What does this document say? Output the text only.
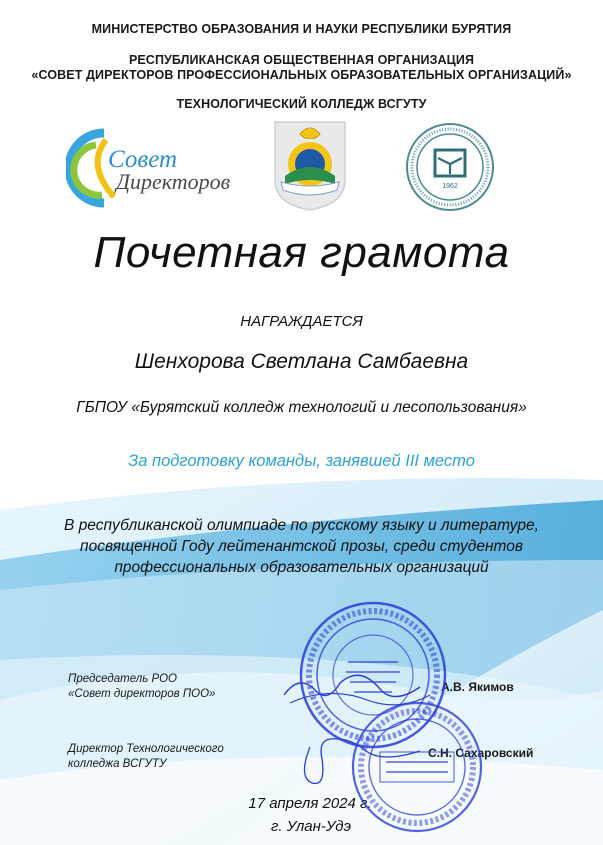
МИНИСТЕРСТВО ОБРАЗОВАНИЯ И НАУКИ РЕСПУБЛИКИ БУРЯТИЯ
РЕСПУБЛИКАНСКАЯ ОБЩЕСТВЕННАЯ ОРГАНИЗАЦИЯ
«СОВЕТ ДИРЕКТОРОВ ПРОФЕССИОНАЛЬНЫХ ОБРАЗОВАТЕЛЬНЫХ ОРГАНИЗАЦИЙ»
ТЕХНОЛОГИЧЕСКИЙ КОЛЛЕДЖ ВСГУТУ
Совет
Директоров	1962
Почетная грамота
НАГРАЖДАЕТСЯ
Шенхорова Светлана Самбаевна
ГБПОУ «Бурятский колледж технологий и лесопользования»
За подготовку команды, занявшей III место
В республиканской олимпиаде по русскому языку и литературе,
посвященной Году лейтенантской прозы, среди студентов
профессиональных образовательных организаций
Председатель РОО
«Совет директоров ПОО»	А.В. Якимов
Директор Технологического
колледжа ВСГУТУ
С.Н. Сахаровский
17 апреля 2024 г.
г. Улан-Удэ
